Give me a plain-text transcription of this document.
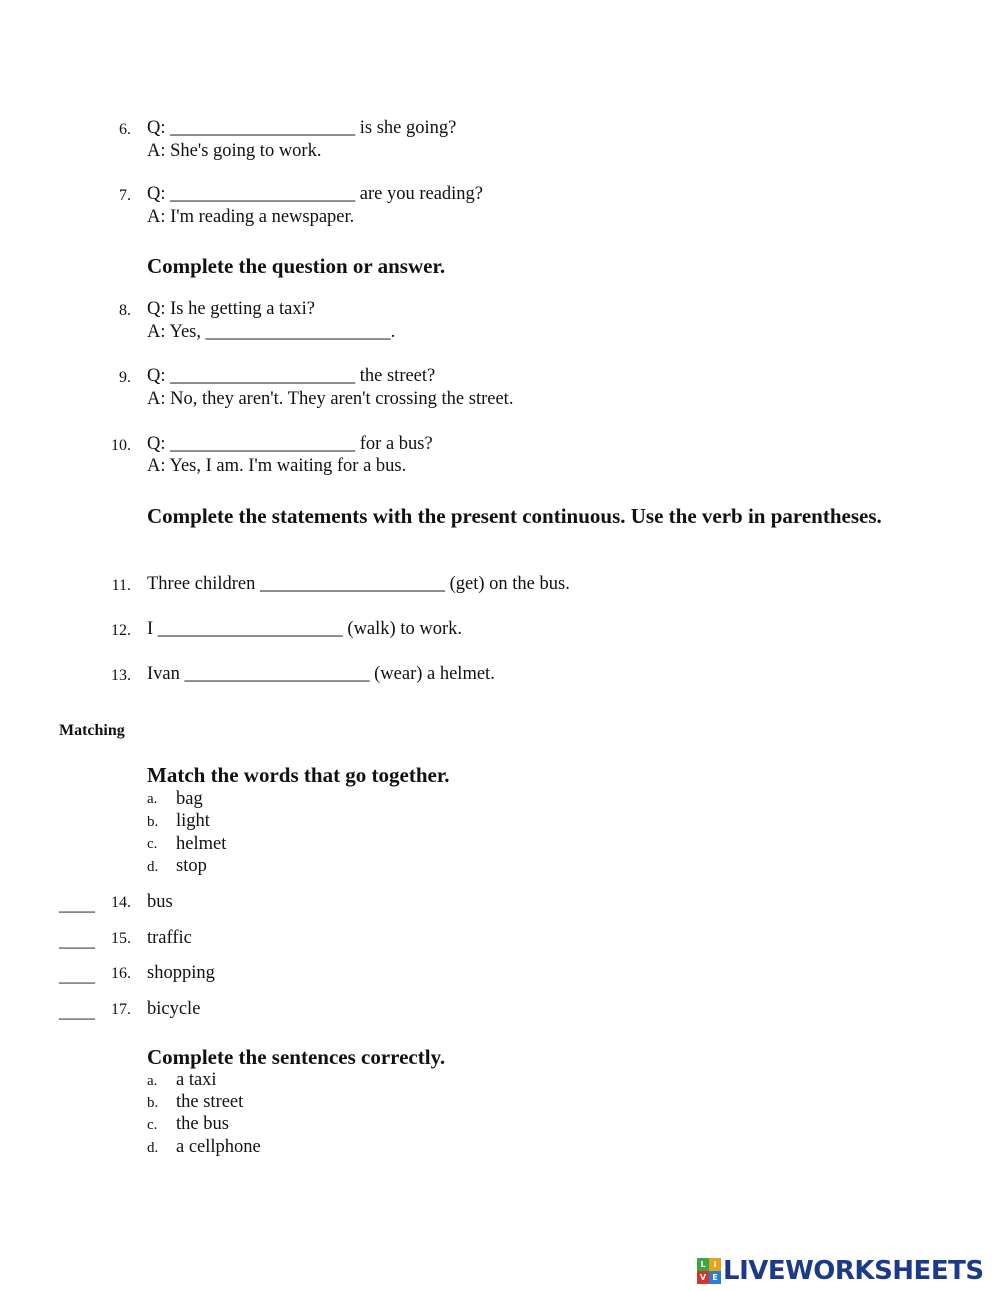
6. Q: ____________________ is she going?
A: She's going to work.
7. Q: ____________________ are you reading?
A: I'm reading a newspaper.
Complete the question or answer.
8. Q: Is he getting a taxi?
A: Yes, ____________________.
9. Q: ____________________ the street?
A: No, they aren't. They aren't crossing the street.
10. Q: ____________________ for a bus?
A: Yes, I am. I'm waiting for a bus.
Complete the statements with the present continuous. Use the verb in parentheses.
11. Three children ____________________ (get) on the bus.
12. I ____________________ (walk) to work.
13. Ivan ____________________ (wear) a helmet.
Matching
Match the words that go together.
a. bag
b. light
c. helmet
d. stop
____	14. bus
____	15. traffic
____	16. shopping
____	17. bicycle
Complete the sentences correctly.
a. a taxi
b. the street
c. the bus
d. a cellphone
L I
V E LIVEWORKSHEETS
